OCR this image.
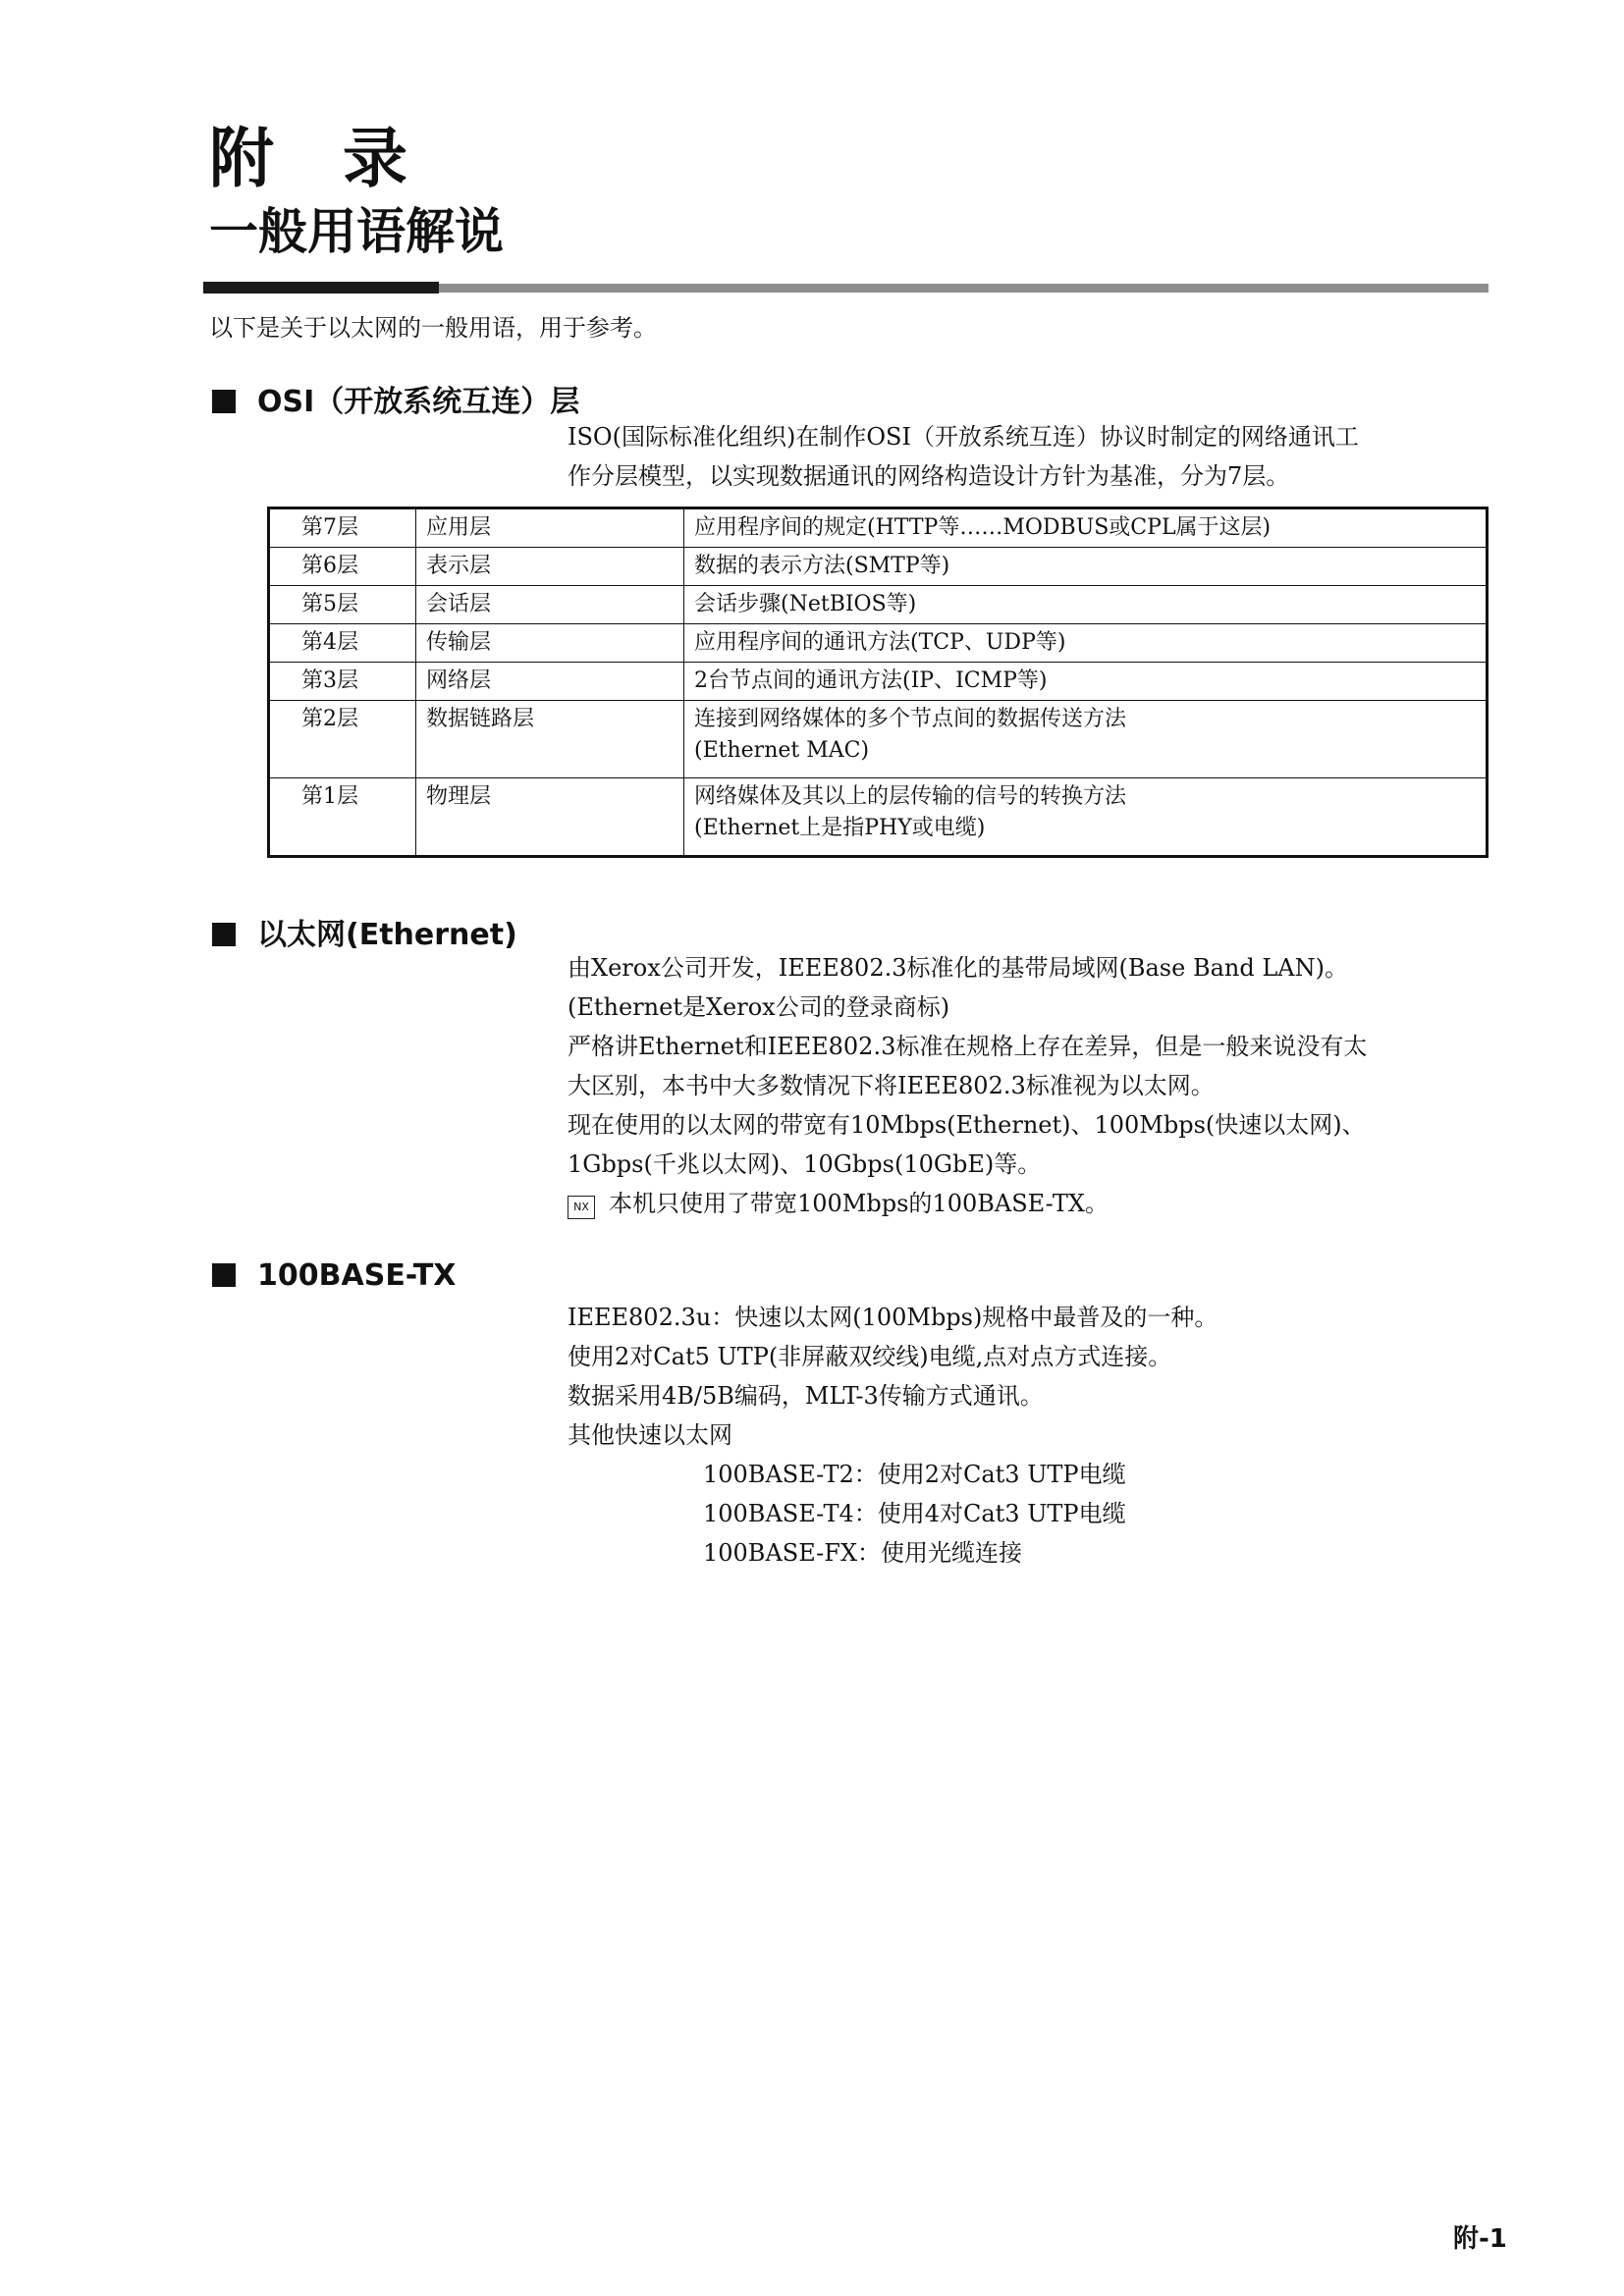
附　录
一般用语解说
以下是关于以太网的一般用语，用于参考。
OSI（开放系统互连）层
ISO(国际标准化组织)在制作OSI（开放系统互连）协议时制定的网络通讯工
作分层模型，以实现数据通讯的网络构造设计方针为基准，分为7层。
第7层	应用层	应用程序间的规定(HTTP等……MODBUS或CPL属于这层)

第6层	表示层	数据的表示方法(SMTP等)

第5层	会话层	会话步骤(NetBIOS等)

第4层	传输层	应用程序间的通讯方法(TCP、UDP等)

第3层	网络层	2台节点间的通讯方法(IP、ICMP等)

第2层	数据链路层	连接到网络媒体的多个节点间的数据传送方法
(Ethernet MAC)

第1层	物理层	网络媒体及其以上的层传输的信号的转换方法
(Ethernet上是指PHY或电缆)
以太网(Ethernet)
由Xerox公司开发，IEEE802.3标准化的基带局域网(Base Band LAN)。
(Ethernet是Xerox公司的登录商标)
严格讲Ethernet和IEEE802.3标准在规格上存在差异，但是一般来说没有太
大区别，本书中大多数情况下将IEEE802.3标准视为以太网。
现在使用的以太网的带宽有10Mbps(Ethernet)、100Mbps(快速以太网)、
1Gbps(千兆以太网)、10Gbps(10GbE)等。
NX 本机只使用了带宽100Mbps的100BASE-TX。
100BASE-TX
IEEE802.3u：快速以太网(100Mbps)规格中最普及的一种。
使用2对Cat5 UTP(非屏蔽双绞线)电缆,点对点方式连接。
数据采用4B/5B编码，MLT-3传输方式通讯。
其他快速以太网
100BASE-T2：使用2对Cat3 UTP电缆
100BASE-T4：使用4对Cat3 UTP电缆
100BASE-FX：使用光缆连接
附-1
